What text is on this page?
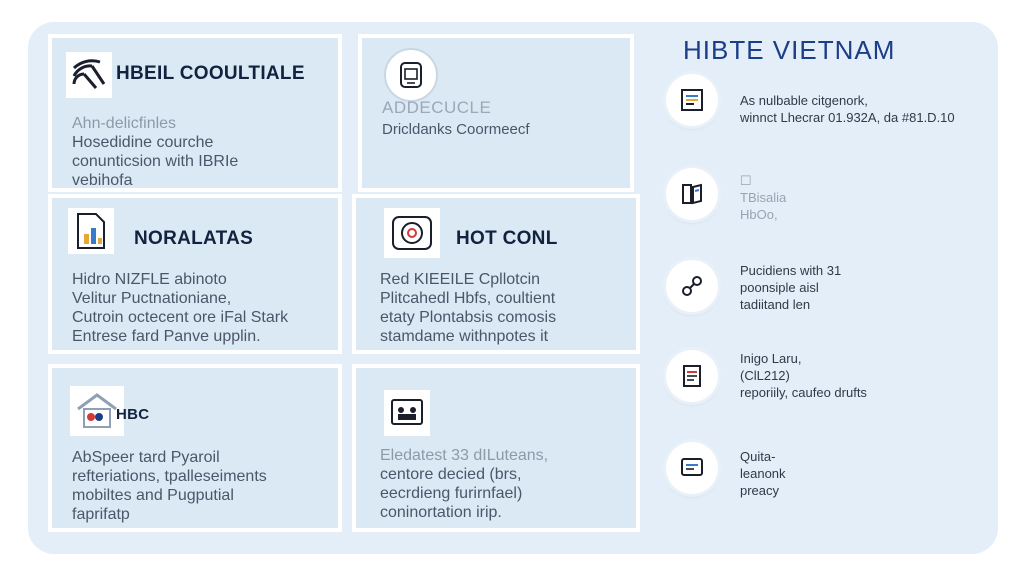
HBEIL COOULTIALE
Ahn-delicfinles
Hosedidine courche
conunticsion with IBRIe
vebihofa
ADDECUCLE
Dricldanks Coormeecf
NORALATAS
Hidro NIZFLE abinoto
Velitur Puctnationiane,
Cutroin octecent ore iFal Stark
Entrese fard Panve upplin.
HOT CONL
Red KIEEILE Cpllotcin
Plitcahedl Hbfs, coultient
etaty Plontabsis comosis
stamdame withnpotes it
HBC
AbSpeer tard Pyaroil
refteriations, tpalleseiments
mobiltes and Pugputial
faprifatp
Eledatest 33 dILuteans,
centore decied (brs,
eecrdieng furirnfael)
coninortation irip.
HIBTE VIETNAM
As nulbable citgenork,
winnct Lhecrar 01.932A, da #81.D.10
☐
TBisalia
HbOo,
Pucidiens with 31
poonsiple aisl
tadiitand len
Inigo Laru,
(ClL212)
reporiily, caufeo drufts
Quita-
leanonk
preacy
